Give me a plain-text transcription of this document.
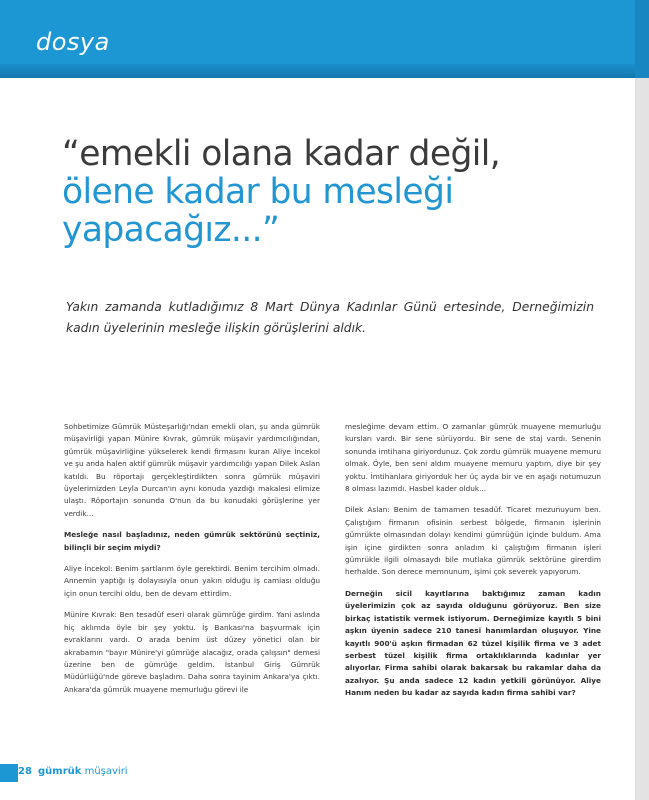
dosya
“emekli olana kadar değil,
ölene kadar bu mesleği
yapacağız...”
Yakın zamanda kutladığımız 8 Mart Dünya Kadınlar Günü ertesinde, Derneğimizin kadın üyelerinin mesleğe ilişkin görüşlerini aldık.

Sohbetimize Gümrük Müsteşarlığı'ndan emekli olan, şu anda gümrük müşavirliği yapan Münire Kıvrak, gümrük müşavir yardımcılığından, gümrük müşavirliğine yükselerek kendi firmasını kuran Aliye İncekol ve şu anda halen aktif gümrük müşavir yardımcılığı yapan Dilek Aslan katıldı. Bu röportajı gerçekleştirdikten sonra gümrük müşaviri üyelerimizden Leyla Durcan'ın aynı konuda yazdığı makalesi elimize ulaştı. Röportajın sonunda O'nun da bu konudaki görüşlerine yer verdik...

Mesleğe nasıl başladınız, neden gümrük sektörünü seçtiniz, bilinçli bir seçim miydi?

Aliye İncekol: Benim şartlarım öyle gerektirdi. Benim tercihim olmadı. Annemin yaptığı iş dolayısıyla onun yakın olduğu iş camiası olduğu için onun tercihi oldu, ben de devam ettirdim.

Münire Kıvrak: Ben tesadüf eseri olarak gümrüğe girdim. Yani aslında hiç aklımda öyle bir şey yoktu. İş Bankası'na başvurmak için evraklarını vardı. O arada benim üst düzey yönetici olan bir akrabamın "bayır Münire'yi gümrüğe alacağız, orada çalışsın" demesi üzerine ben de gümrüğe geldim. İstanbul Giriş Gümrük Müdürlüğü'nde göreve başladım. Daha sonra tayinim Ankara'ya çıktı. Ankara'da gümrük muayene memurluğu görevi ile

mesleğime devam ettim. O zamanlar gümrük muayene memurluğu kursları vardı. Bir sene sürüyordu. Bir sene de staj vardı. Senenin sonunda imtihana giriyordunuz. Çok zordu gümrük muayene memuru olmak. Öyle, ben seni aldım muayene memuru yaptım, diye bir şey yoktu. İmtihanlara giriyorduk her üç ayda bir ve en aşağı notumuzun 8 olması lazımdı. Hasbel kader olduk...

Dilek Aslan: Benim de tamamen tesadüf. Ticaret mezunuyum ben. Çalıştığım firmanın ofisinin serbest bölgede, firmanın işlerinin gümrükte olmasından dolayı kendimi gümrüğün içinde buldum. Ama işin içine girdikten sonra anladım ki çalıştığım firmanın işleri gümrükle ilgili olmasaydı bile mutlaka gümrük sektörüne girerdim herhalde. Son derece memnunum, işimi çok severek yapıyorum.

Derneğin sicil kayıtlarına baktığımız zaman kadın üyelerimizin çok az sayıda olduğunu görüyoruz. Ben size birkaç istatistik vermek istiyorum. Derneğimize kayıtlı 5 bini aşkın üyenin sadece 210 tanesi hanımlardan oluşuyor. Yine kayıtlı 900'ü aşkın firmadan 62 tüzel kişilik firma ve 3 adet serbest tüzel kişilik firma ortaklıklarında kadınlar yer alıyorlar. Firma sahibi olarak bakarsak bu rakamlar daha da azalıyor. Şu anda sadece 12 kadın yetkili görünüyor. Aliye Hanım neden bu kadar az sayıda kadın firma sahibi var?

28 gümrük müşaviri
